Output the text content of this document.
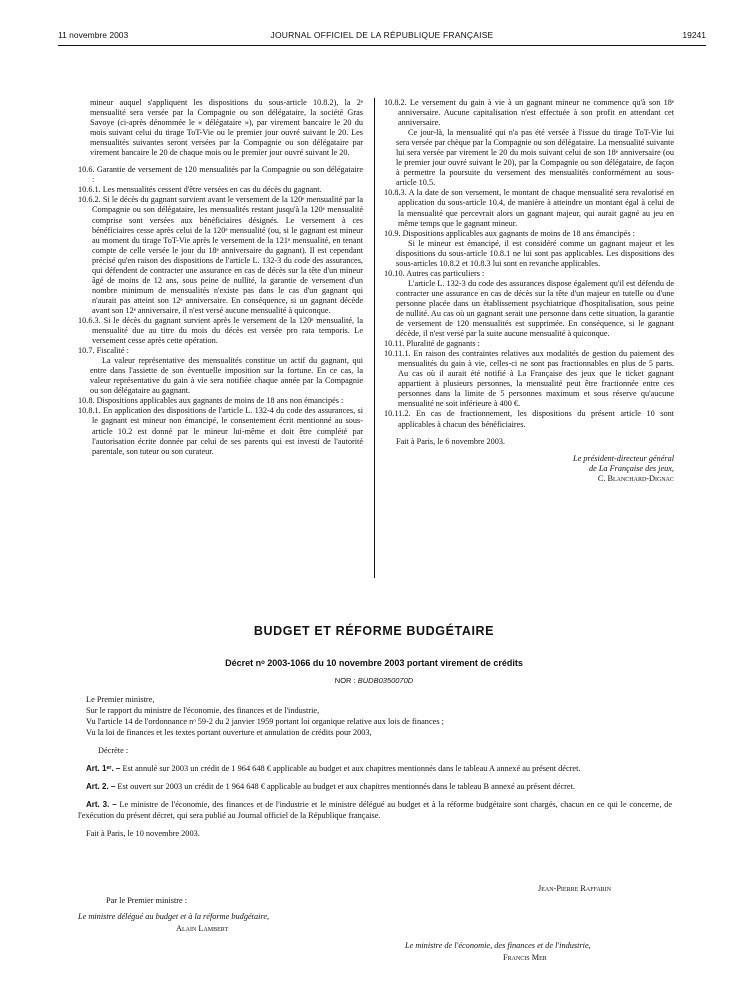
11 novembre 2003	JOURNAL OFFICIEL DE LA RÉPUBLIQUE FRANÇAISE	19241

mineur auquel s'appliquent les dispositions du sous-article 10.8.2), la 2ᵉ mensualité sera versée par la Compagnie ou son délégataire, la société Gras Savoye (ci-après dénommée le « délégataire »), par virement bancaire le 20 du mois suivant celui du tirage ToT-Vie ou le premier jour ouvré suivant le 20. Les mensualités suivantes seront versées par la Compagnie ou son délégataire par virement bancaire le 20 de chaque mois ou le premier jour ouvré suivant le 20.

10.6. Garantie de versement de 120 mensualités par la Compagnie ou son délégataire :

10.6.1. Les mensualités cessent d'être versées en cas du décès du gagnant.

10.6.2. Si le décès du gagnant survient avant le versement de la 120ᵉ mensualité par la Compagnie ou son délégataire, les mensualités restant jusqu'à la 120ᵉ mensualité comprise sont versées aux bénéficiaires désignés. Le versement à ces bénéficiaires cesse après celui de la 120ᵉ mensualité (ou, si le gagnant est mineur au moment du tirage ToT-Vie après le versement de la 121ᵉ mensualité, en tenant compte de celle versée le jour du 18ᵉ anniversaire du gagnant). Il est cependant précisé qu'en raison des dispositions de l'article L. 132-3 du code des assurances, qui défendent de contracter une assurance en cas de décès sur la tête d'un mineur âgé de moins de 12 ans, sous peine de nullité, la garantie de versement d'un nombre minimum de mensualités n'existe pas dans le cas d'un gagnant qui n'aurait pas atteint son 12ᵉ anniversaire. En conséquence, si un gagnant décède avant son 12ᵉ anniversaire, il n'est versé aucune mensualité à quiconque.

10.6.3. Si le décès du gagnant survient après le versement de la 120ᵉ mensualité, la mensualité due au titre du mois du décès est versée pro rata temporis. Le versement cesse après cette opération.

10.7. Fiscalité :

La valeur représentative des mensualités constitue un actif du gagnant, qui entre dans l'assiette de son éventuelle imposition sur la fortune. En ce cas, la valeur représentative du gain à vie sera notifiée chaque année par la Compagnie ou son délégataire au gagnant.

10.8. Dispositions applicables aux gagnants de moins de 18 ans non émancipés :

10.8.1. En application des dispositions de l'article L. 132-4 du code des assurances, si le gagnant est mineur non émancipé, le consentement écrit mentionné au sous-article 10.2 est donné par le mineur lui-même et doit être complété par l'autorisation écrite donnée par celui de ses parents qui est investi de l'autorité parentale, son tuteur ou son curateur.

10.8.2. Le versement du gain à vie à un gagnant mineur ne commence qu'à son 18ᵉ anniversaire. Aucune capitalisation n'est effectuée à son profit en attendant cet anniversaire.

Ce jour-là, la mensualité qui n'a pas été versée à l'issue du tirage ToT-Vie lui sera versée par chèque par la Compagnie ou son délégataire. La mensualité suivante lui sera versée par virement le 20 du mois suivant celui de son 18ᵉ anniversaire (ou le premier jour ouvré suivant le 20), par la Compagnie ou son délégataire, de façon à permettre la poursuite du versement des mensualités conformément au sous-article 10.5.

10.8.3. A la date de son versement, le montant de chaque mensualité sera revalorisé en application du sous-article 10.4, de manière à atteindre un montant égal à celui de la mensualité que percevrait alors un gagnant majeur, qui aurait gagné au jeu en même temps que le gagnant mineur.

10.9. Dispositions applicables aux gagnants de moins de 18 ans émancipés :

Si le mineur est émancipé, il est considéré comme un gagnant majeur et les dispositions du sous-article 10.8.1 ne lui sont pas applicables. Les dispositions des sous-articles 10.8.2 et 10.8.3 lui sont en revanche applicables.

10.10. Autres cas particuliers :

L'article L. 132-3 du code des assurances dispose également qu'il est défendu de contracter une assurance en cas de décès sur la tête d'un majeur en tutelle ou d'une personne placée dans un établissement psychiatrique d'hospitalisation, sous peine de nullité. Au cas où un gagnant serait une personne dans cette situation, la garantie de versement de 120 mensualités est supprimée. En conséquence, si le gagnant décède, il n'est versé par la suite aucune mensualité à quiconque.

10.11. Pluralité de gagnants :

10.11.1. En raison des contraintes relatives aux modalités de gestion du paiement des mensualités du gain à vie, celles-ci ne sont pas fractionnables en plus de 5 parts. Au cas où il aurait été notifié à La Française des jeux que le ticket gagnant appartient à plusieurs personnes, la mensualité peut être fractionnée entre ces personnes dans la limite de 5 personnes maximum et sous réserve qu'aucune mensualité ne soit inférieure à 400 €.

10.11.2. En cas de fractionnement, les dispositions du présent article 10 sont applicables à chacun des bénéficiaires.

Fait à Paris, le 6 novembre 2003.

Le président-directeur général

de La Française des jeux,

C. Blanchard-Dignac

BUDGET ET RÉFORME BUDGÉTAIRE
Décret nᵒ 2003-1066 du 10 novembre 2003 portant virement de crédits
NOR : BUDB0350070D

Le Premier ministre,

Sur le rapport du ministre de l'économie, des finances et de l'industrie,

Vu l'article 14 de l'ordonnance nᵒ 59-2 du 2 janvier 1959 portant loi organique relative aux lois de finances ;

Vu la loi de finances et les textes portant ouverture et annulation de crédits pour 2003,

Décrète :

Art. 1ᵉʳ. – Est annulé sur 2003 un crédit de 1 964 648 € applicable au budget et aux chapitres mentionnés dans le tableau A annexé au présent décret.

Art. 2. – Est ouvert sur 2003 un crédit de 1 964 648 € applicable au budget et aux chapitres mentionnés dans le tableau B annexé au présent décret.

Art. 3. – Le ministre de l'économie, des finances et de l'industrie et le ministre délégué au budget et à la réforme budgétaire sont chargés, chacun en ce qui le concerne, de l'exécution du présent décret, qui sera publié au Journal officiel de la République française.

Fait à Paris, le 10 novembre 2003.

Jean-Pierre Raffarin
Par le Premier ministre :
Le ministre délégué au budget et à la réforme budgétaire,
Alain Lambert
Le ministre de l'économie, des finances et de l'industrie,
Francis Mer
